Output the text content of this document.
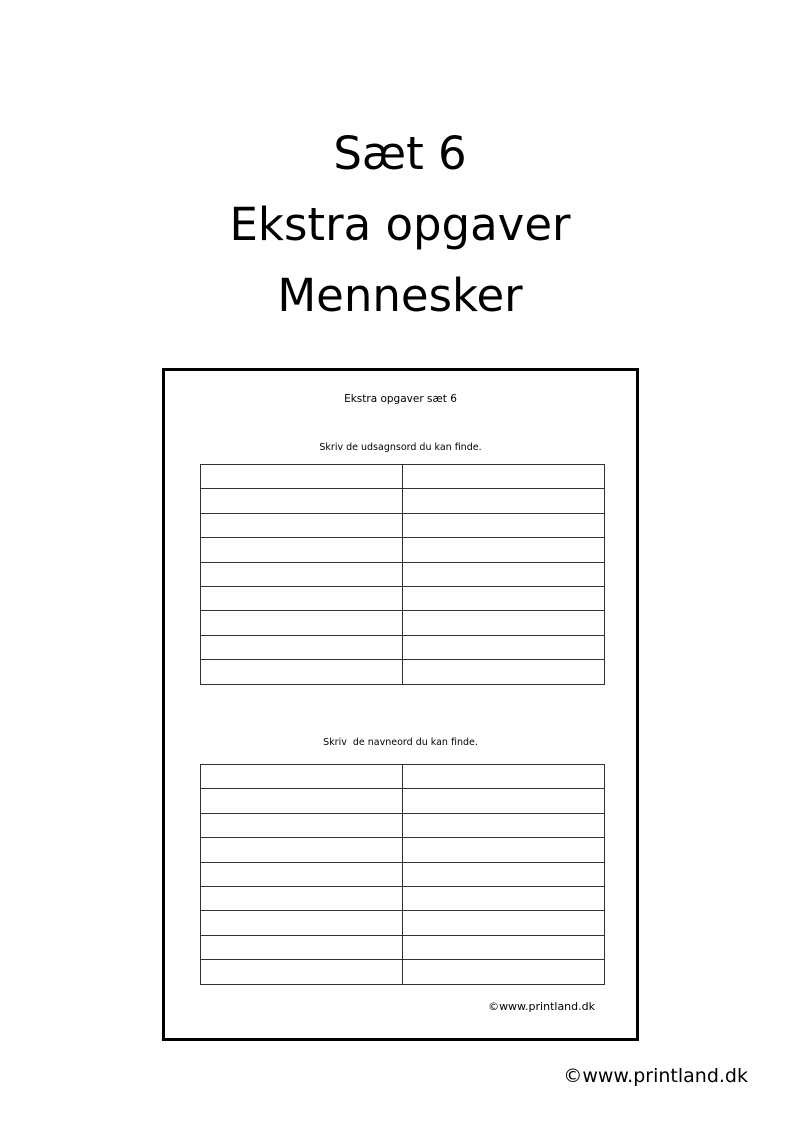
Sæt 6
Ekstra opgaver
Mennesker
Ekstra opgaver sæt 6
Skriv de udsagnsord du kan finde.

Skriv  de navneord du kan finde.

©www.printland.dk
©www.printland.dk
